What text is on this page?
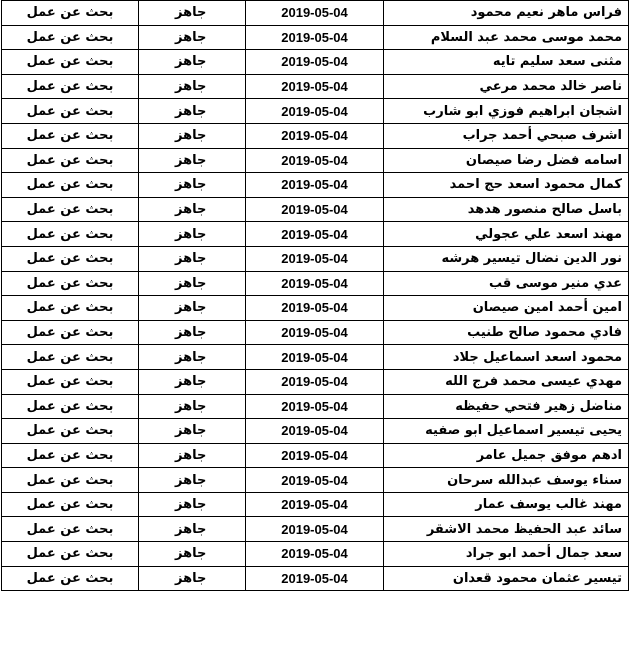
فراس ماهر نعيم محمود	2019-05-04	جاهز	بحث عن عمل
محمد موسى محمد عبد السلام	2019-05-04	جاهز	بحث عن عمل
مثنى سعد سليم تايه	2019-05-04	جاهز	بحث عن عمل
ناصر خالد محمد مرعي	2019-05-04	جاهز	بحث عن عمل
اشجان ابراهيم فوزي ابو شارب	2019-05-04	جاهز	بحث عن عمل
اشرف صبحي أحمد جراب	2019-05-04	جاهز	بحث عن عمل
اسامه فضل رضا صيصان	2019-05-04	جاهز	بحث عن عمل
كمال محمود اسعد حج احمد	2019-05-04	جاهز	بحث عن عمل
باسل صالح منصور هدهد	2019-05-04	جاهز	بحث عن عمل
مهند اسعد علي عجولي	2019-05-04	جاهز	بحث عن عمل
نور الدين نضال تيسير هرشه	2019-05-04	جاهز	بحث عن عمل
عدي منير موسى قب	2019-05-04	جاهز	بحث عن عمل
امين أحمد امين صيصان	2019-05-04	جاهز	بحث عن عمل
فادي محمود صالح طنيب	2019-05-04	جاهز	بحث عن عمل
محمود اسعد اسماعيل جلاد	2019-05-04	جاهز	بحث عن عمل
مهدي عيسى محمد فرج الله	2019-05-04	جاهز	بحث عن عمل
مناضل زهير فتحي حفيظه	2019-05-04	جاهز	بحث عن عمل
يحيى تيسير اسماعيل ابو صفيه	2019-05-04	جاهز	بحث عن عمل
ادهم موفق جميل عامر	2019-05-04	جاهز	بحث عن عمل
سناء يوسف عبدالله سرحان	2019-05-04	جاهز	بحث عن عمل
مهند غالب يوسف عمار	2019-05-04	جاهز	بحث عن عمل
سائد عبد الحفيظ محمد الاشقر	2019-05-04	جاهز	بحث عن عمل
سعد جمال أحمد ابو جراد	2019-05-04	جاهز	بحث عن عمل
تيسير عثمان محمود قعدان	2019-05-04	جاهز	بحث عن عمل
